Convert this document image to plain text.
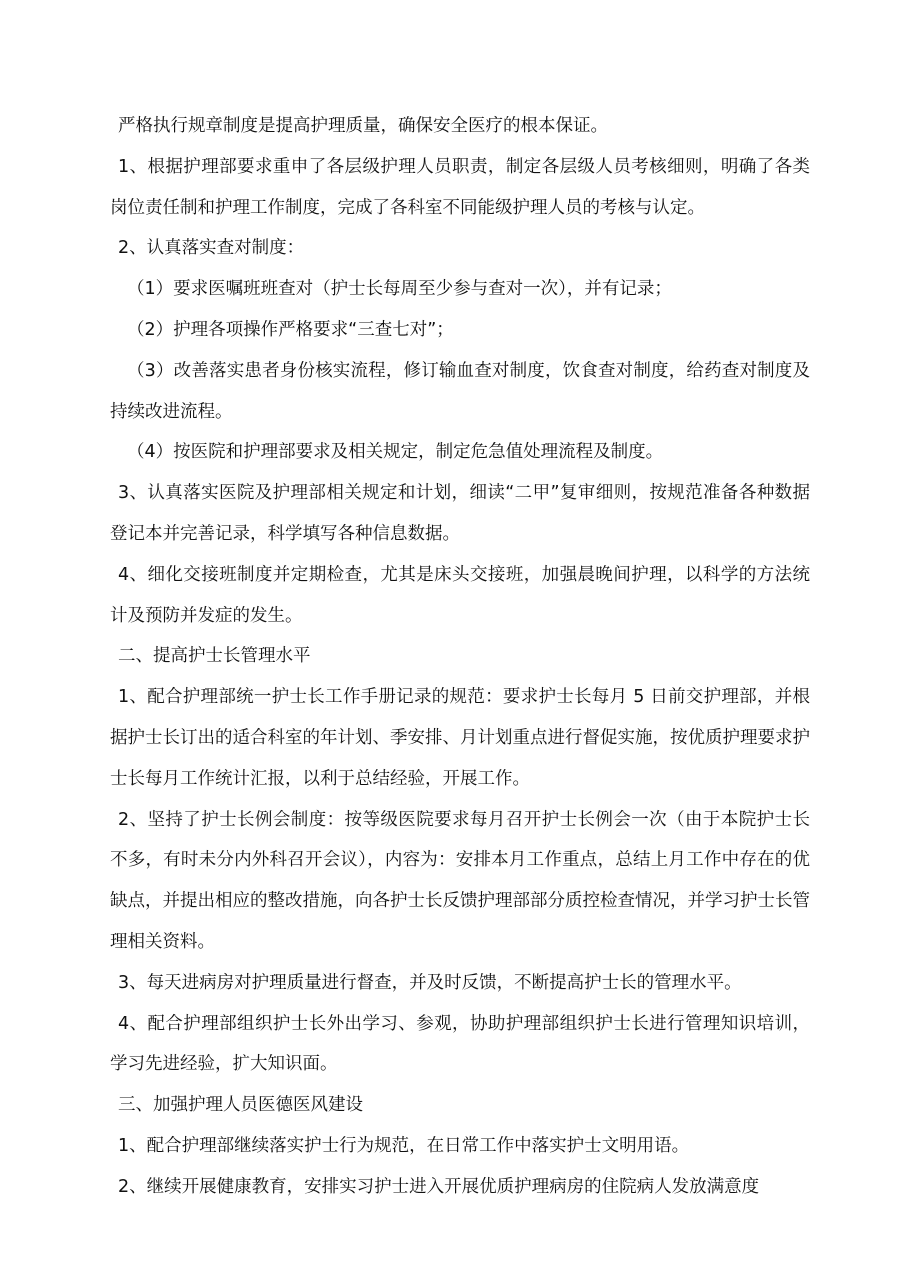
严格执行规章制度是提高护理质量，确保安全医疗的根本保证。

1、根据护理部要求重申了各层级护理人员职责，制定各层级人员考核细则，明确了各类岗位责任制和护理工作制度，完成了各科室不同能级护理人员的考核与认定。

2、认真落实查对制度：

（1）要求医嘱班班查对（护士长每周至少参与查对一次），并有记录；

（2）护理各项操作严格要求“三查七对”；

（3）改善落实患者身份核实流程，修订输血查对制度，饮食查对制度，给药查对制度及持续改进流程。

（4）按医院和护理部要求及相关规定，制定危急值处理流程及制度。

3、认真落实医院及护理部相关规定和计划，细读“二甲”复审细则，按规范准备各种数据登记本并完善记录，科学填写各种信息数据。

4、细化交接班制度并定期检查，尤其是床头交接班，加强晨晚间护理，以科学的方法统计及预防并发症的发生。

二、提高护士长管理水平

1、配合护理部统一护士长工作手册记录的规范：要求护士长每月 5 日前交护理部，并根据护士长订出的适合科室的年计划、季安排、月计划重点进行督促实施，按优质护理要求护士长每月工作统计汇报，以利于总结经验，开展工作。

2、坚持了护士长例会制度：按等级医院要求每月召开护士长例会一次（由于本院护士长不多，有时未分内外科召开会议），内容为：安排本月工作重点，总结上月工作中存在的优缺点，并提出相应的整改措施，向各护士长反馈护理部部分质控检查情况，并学习护士长管理相关资料。

3、每天进病房对护理质量进行督查，并及时反馈，不断提高护士长的管理水平。

4、配合护理部组织护士长外出学习、参观，协助护理部组织护士长进行管理知识培训，学习先进经验，扩大知识面。

三、加强护理人员医德医风建设

1、配合护理部继续落实护士行为规范，在日常工作中落实护士文明用语。

2、继续开展健康教育，安排实习护士进入开展优质护理病房的住院病人发放满意度
